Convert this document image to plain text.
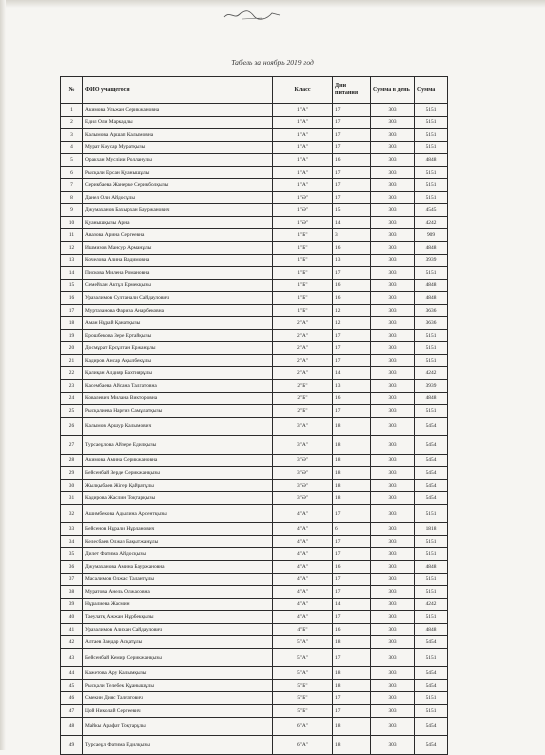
Табель за ноябрь 2019 год
№	ФИО учащегося	Класс	Дни питания	Сумма в день	Сумма
1	Акимова Ульжан Серикжановна	1"А"	17	303	5151
2	Едил Оли Маркадлы	1"А"	17	303	5151
3	Калымова Аршап Калымовна	1"А"	17	303	5151
4	Мурат Кәусар Муратқызы	1"А"	17	303	5151
5	Оракхан Мусліии Ролланулы	1"А"	16	303	4848
6	Рысқали Ерсан Қуанышұлы	1"А"	17	303	5151
7	Серикбаева Жанерке Серикболқызы	1"А"	17	303	5151
8	Данел Оли Айдосұлы	1"Ә"	17	303	5151
9	Джумаханов Бахырхан Бауржанович	1"Ә"	15	303	4545
10	Қуанышқызы Арна	1"Ә"	14	303	4242
11	Авазова Арина Сергеевна	1"Б"	3	303	909
12	Ишмизов Мансур Арманұлы	1"Б"	16	303	4848
13	Кочелова Алина Вадимовна	1"Б"	13	303	3939
14	Пискова Милена Романовна	1"Б"	17	303	5151
15	Семейхан Актұл Ермекқызы	1"Б"	16	303	4848
16	Уразалимов Султанали Сайдаулович	1"Б"	16	303	4848
17	Муртазанова Фариза Анарбековна	1"Б"	12	303	3636
18	Аман Нұрай Қанатқызы	2"А"	12	303	3636
19	Ерошбекова Зере Ертайқызы	2"А"	17	303	5151
20	Досмұрат Ерсұлтан Ержанұлы	2"А"	17	303	5151
21	Кадиров Ансар Ақылбекұлы	2"А"	17	303	5151
22	Қалиқан Алдияр Бахтиярұлы	2"А"	14	303	4242
23	Касембаева Айсана Талгатовна	2"Б"	13	303	3939
24	Ковалевич Милана Викторовна	2"Б"	16	303	4848
25	Рысқалиева Нарғиз Самұлатқызы	2"Б"	17	303	5151
26	Калымов Аршур Калымович	3"А"	18	303	5454
27	Турсаеұлова Айзере Едилқызы	3"А"	18	303	5454
28	Акимова Амина Серикжановна	3"Ә"	18	303	5454
29	Бейсенбай Зерде Серикжанқызы	3"Ә"	18	303	5454
30	Жылқыбаев Жігер Қайратұлы	3"Ә"	18	303	5454
31	Кадирова Жаслин Тоқтарқызы	3"Ә"	18	303	5454
32	Ашимбекова Адылина Арсентқызы	4"А"	17	303	5151
33	Бейсенов Нұрали Нұрланович	4"А"	6	303	1818
34	Келесбаев Олжаз Бақытжанұлы	4"А"	17	303	5151
35	Дилет Фатима Айдосқызы	4"А"	17	303	5151
36	Джумаханова Амина Бауржановна	4"А"	16	303	4848
37	Масалимов Олжас Талантұлы	4"А"	17	303	5151
38	Муратова Анель Олжасовна	4"А"	17	303	5151
39	Нұралиева Жасмин	4"А"	14	303	4242
40	Таеулатқ Ажжан Нұрбекқызы	4"А"	17	303	5151
41	Уразалимов Алихан Сайдаулович	4"Б"	16	303	4848
42	Алтаев Зандар Асқатұлы	5"А"	18	303	5454
43	Бейсенбай Кемир Серикжанқызы	5"А"	17	303	5151
44	Кажетова Ару Калымқызы	5"А"	18	303	5454
45	Рысқали Телебек Құанышұлы	5"Б"	18	303	5454
46	Смекин Дияс Талғатович	5"Б"	17	303	5151
47	Цой Николай Сергеевич	5"Б"	17	303	5151
48	Майкы Арафат Тоқтарұлы	6"А"	18	303	5454
49	Турсаеұл Фатима Едилқызы	6"А"	18	303	5454
